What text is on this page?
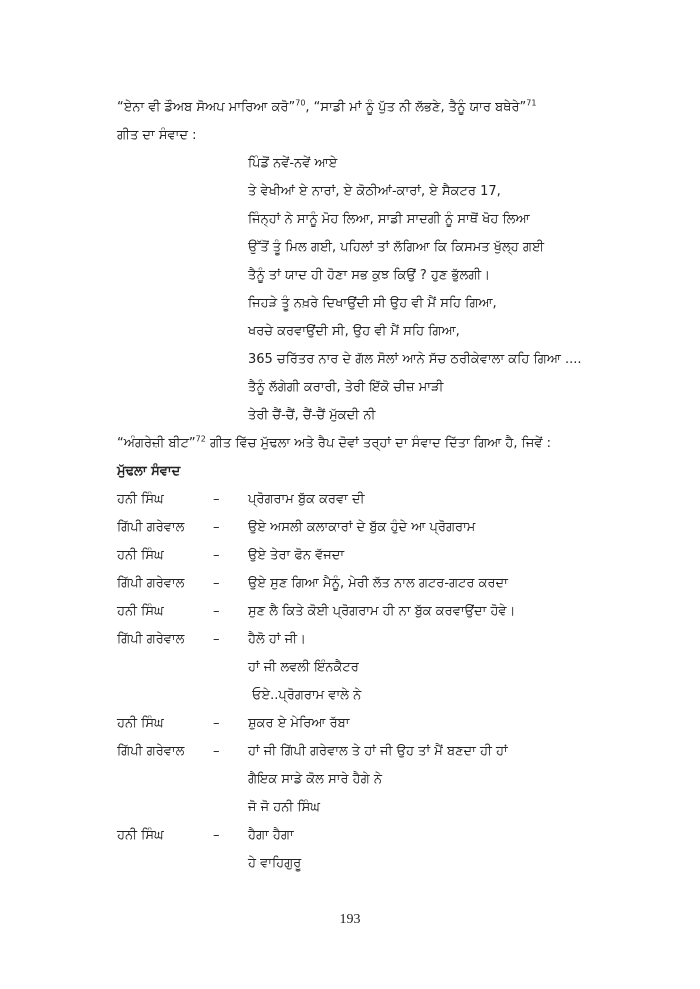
“ਏਨਾ ਵੀ ਡੌਅਬ ਸੋਅਪ ਮਾਰਿਆ ਕਰੋ”$^{70}$, “ਸਾਡੀ ਮਾਂ ਨੂੰ ਪੁੱਤ ਨੀ ਲੱਭਣੇ, ਤੈਨੂੰ ਯਾਰ ਬਥੇਰੇ”$^{71}$
ਗੀਤ ਦਾ ਸੰਵਾਦ :
ਪਿੰਡੋਂ ਨਵੇਂ-ਨਵੇਂ ਆਏ
ਤੇ ਵੇਖੀਆਂ ਏ ਨਾਰਾਂ, ਏ ਕੋਠੀਆਂ-ਕਾਰਾਂ, ਏ ਸੈਕਟਰ 17,
ਜਿੰਨ੍ਹਾਂ ਨੇ ਸਾਨੂੰ ਮੋਹ ਲਿਆ, ਸਾਡੀ ਸਾਦਗੀ ਨੂੰ ਸਾਥੋਂ ਖੋਹ ਲਿਆ
ਉੱਤੋਂ ਤੂੰ ਮਿਲ ਗਈ, ਪਹਿਲਾਂ ਤਾਂ ਲੱਗਿਆ ਕਿ ਕਿਸਮਤ ਖੁੱਲ੍ਹ ਗਈ
ਤੈਨੂੰ ਤਾਂ ਯਾਦ ਹੀ ਹੋਣਾ ਸਭ ਕੁਝ ਕਿਉਂ ? ਹੁਣ ਭੁੱਲਗੀ।
ਜਿਹੜੇ ਤੂੰ ਨਖ਼ਰੇ ਦਿਖਾਉਂਦੀ ਸੀ ਉਹ ਵੀ ਮੈਂ ਸਹਿ ਗਿਆ,
ਖਰਚੇ ਕਰਵਾਉਂਦੀ ਸੀ, ਉਹ ਵੀ ਮੈਂ ਸਹਿ ਗਿਆ,
365 ਚਰਿੱਤਰ ਨਾਰ ਦੇ ਗੱਲ ਸੋਲਾਂ ਆਨੇ ਸੱਚ ਠਰੀਕੇਵਾਲਾ ਕਹਿ ਗਿਆ ....
ਤੈਨੂੰ ਲੱਗੇਗੀ ਕਰਾਰੀ, ਤੇਰੀ ਇੱਕੋ ਚੀਜ਼ ਮਾੜੀ
ਤੇਰੀ ਚੈਂ-ਚੈਂ, ਚੈਂ-ਚੈਂ ਮੁੱਕਦੀ ਨੀ
“ਅੰਗਰੇਜ਼ੀ ਬੀਟ”$^{72}$ ਗੀਤ ਵਿੱਚ ਮੁੱਢਲਾ ਅਤੇ ਰੈਪ ਦੋਵਾਂ ਤਰ੍ਹਾਂ ਦਾ ਸੰਵਾਦ ਦਿੱਤਾ ਗਿਆ ਹੈ, ਜਿਵੇਂ :
ਮੁੱਢਲਾ ਸੰਵਾਦ
ਹਨੀ ਸਿੰਘ	–	ਪ੍ਰੋਗਰਾਮ ਬੁੱਕ ਕਰਵਾ ਦੀ
ਗਿੱਪੀ ਗਰੇਵਾਲ	–	ਉਏ ਅਸਲੀ ਕਲਾਕਾਰਾਂ ਦੇ ਬੁੱਕ ਹੁੰਦੇ ਆ ਪ੍ਰੋਗਰਾਮ
ਹਨੀ ਸਿੰਘ	–	ਉਏ ਤੇਰਾ ਫੋਨ ਵੱਜਦਾ
ਗਿੱਪੀ ਗਰੇਵਾਲ	–	ਉਏ ਸੁਣ ਗਿਆ ਮੈਨੂੰ, ਮੇਰੀ ਲੱਤ ਨਾਲ ਗਟਰ-ਗਟਰ ਕਰਦਾ
ਹਨੀ ਸਿੰਘ	–	ਸੁਣ ਲੈ ਕਿਤੇ ਕੋਈ ਪ੍ਰੋਗਰਾਮ ਹੀ ਨਾ ਬੁੱਕ ਕਰਵਾਉਂਦਾ ਹੋਵੇ।
ਗਿੱਪੀ ਗਰੇਵਾਲ	–	ਹੈਲੋ ਹਾਂ ਜੀ।
ਹਾਂ ਜੀ ਲਵਲੀ ਇੰਨਕੈਟਰ
ਓਏ..ਪ੍ਰੋਗਰਾਮ ਵਾਲੇ ਨੇ
ਹਨੀ ਸਿੰਘ	–	ਸ਼ੁਕਰ ਏ ਮੇਰਿਆ ਰੱਬਾ
ਗਿੱਪੀ ਗਰੇਵਾਲ	–	ਹਾਂ ਜੀ ਗਿੱਪੀ ਗਰੇਵਾਲ ਤੇ ਹਾਂ ਜੀ ਉਹ ਤਾਂ ਮੈਂ ਬਣਦਾ ਹੀ ਹਾਂ
ਗੈਇਕ ਸਾਡੇ ਕੋਲ ਸਾਰੇ ਹੈਗੇ ਨੇ
ਜੋ ਜੋ ਹਨੀ ਸਿੰਘ
ਹਨੀ ਸਿੰਘ	–	ਹੈਗਾ ਹੈਗਾ
ਹੇ ਵਾਹਿਗੁਰੂ
193
